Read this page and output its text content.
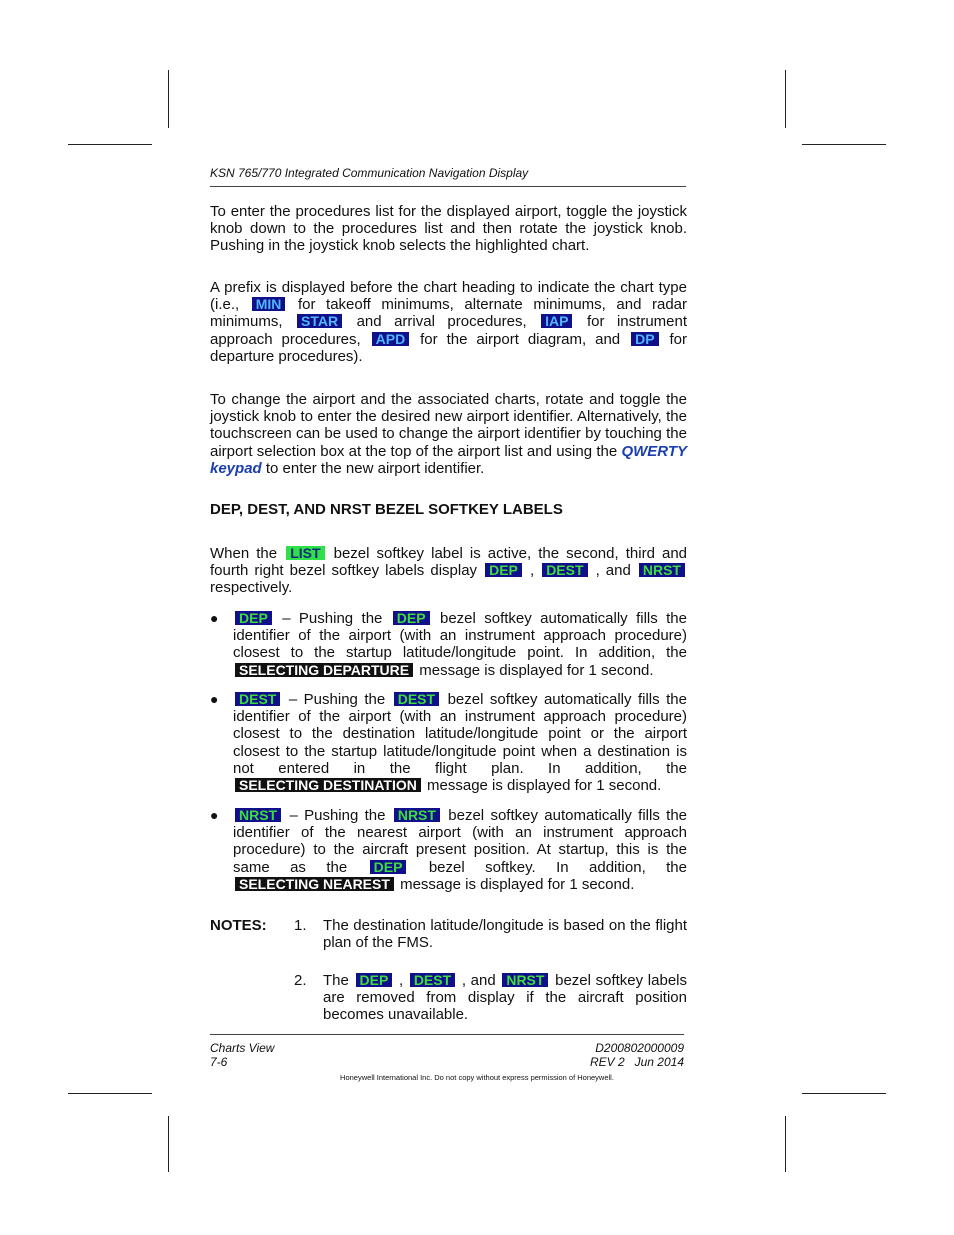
KSN 765/770 Integrated Communication Navigation Display
To enter the procedures list for the displayed airport, toggle the joystick knob down to the procedures list and then rotate the joystick knob. Pushing in the joystick knob selects the highlighted chart.
A prefix is displayed before the chart heading to indicate the chart type (i.e., MIN for takeoff minimums, alternate minimums, and radar minimums, STAR and arrival procedures, IAP for instrument approach procedures, APD for the airport diagram, and DP for departure procedures).
To change the airport and the associated charts, rotate and toggle the joystick knob to enter the desired new airport identifier. Alternatively, the touchscreen can be used to change the airport identifier by touching the airport selection box at the top of the airport list and using the QWERTY keypad to enter the new airport identifier.
DEP, DEST, AND NRST BEZEL SOFTKEY LABELS
When the LIST bezel softkey label is active, the second, third and fourth right bezel softkey labels display DEP , DEST , and NRST respectively.
●	DEP – Pushing the DEP bezel softkey automatically fills the identifier of the airport (with an instrument approach procedure) closest to the startup latitude/longitude point. In addition, the SELECTING DEPARTURE message is displayed for 1 second.
●	DEST – Pushing the DEST bezel softkey automatically fills the identifier of the airport (with an instrument approach procedure) closest to the destination latitude/longitude point or the airport closest to the startup latitude/longitude point when a destination is not entered in the flight plan. In addition, the SELECTING DESTINATION message is displayed for 1 second.
●	NRST – Pushing the NRST bezel softkey automatically fills the identifier of the nearest airport (with an instrument approach procedure) to the aircraft present position. At startup, this is the same as the DEP bezel softkey. In addition, the SELECTING NEAREST message is displayed for 1 second.
NOTES: 1. The destination latitude/longitude is based on the flight plan of the FMS.
2. The DEP , DEST , and NRST bezel softkey labels are removed from display if the aircraft position becomes unavailable.
Charts View
7-6
D200802000009
REV 2   Jun 2014
Honeywell International Inc. Do not copy without express permission of Honeywell.
